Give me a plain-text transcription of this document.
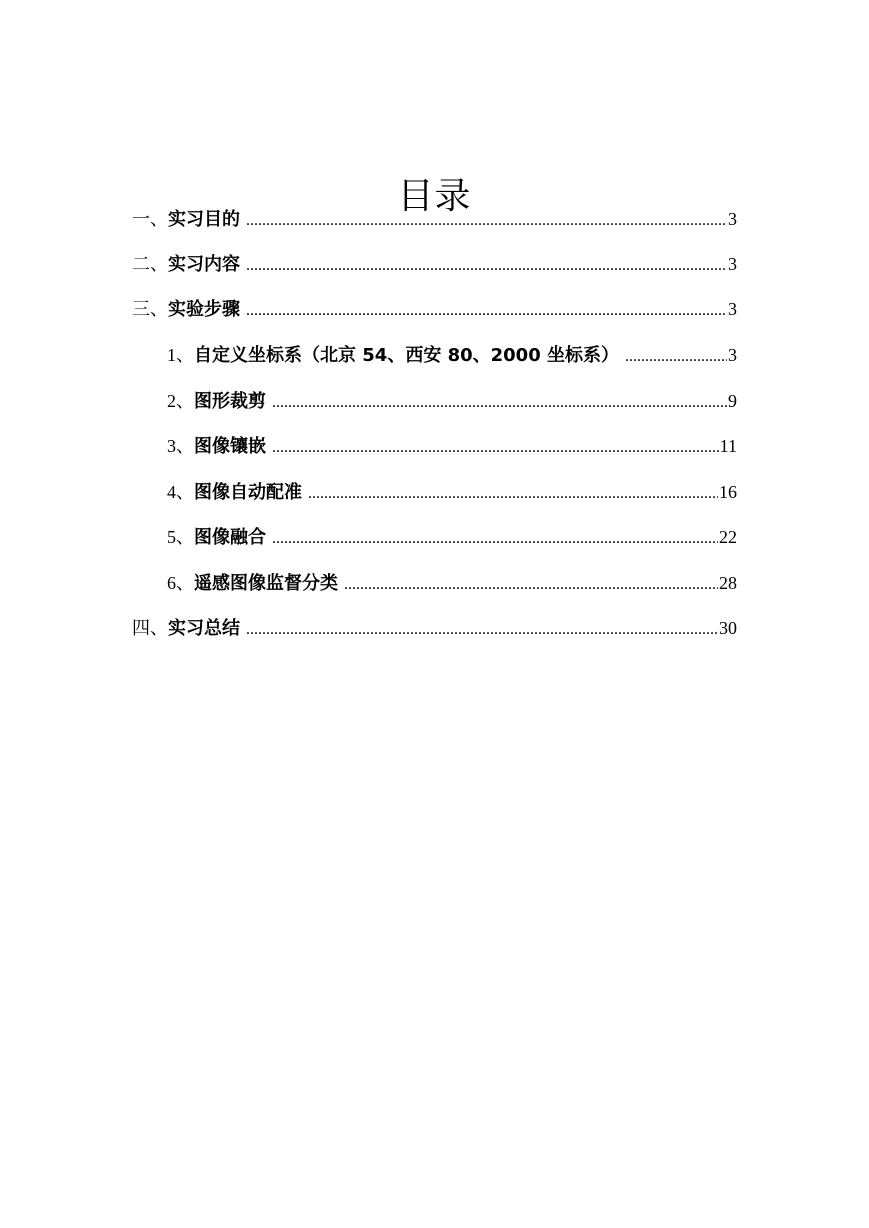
目录
一、 实习目的 .....	3
二、 实习内容 .....	3
三、 实验步骤 .....	3
1、 自定义坐标系（北京 54、西安 80、2000 坐标系） .....	3
2、 图形裁剪 .....	9
3、 图像镶嵌 .....	11
4、 图像自动配准 .....	16
5、 图像融合 .....	22
6、 遥感图像监督分类 .....	28
四、 实习总结 .....	30
